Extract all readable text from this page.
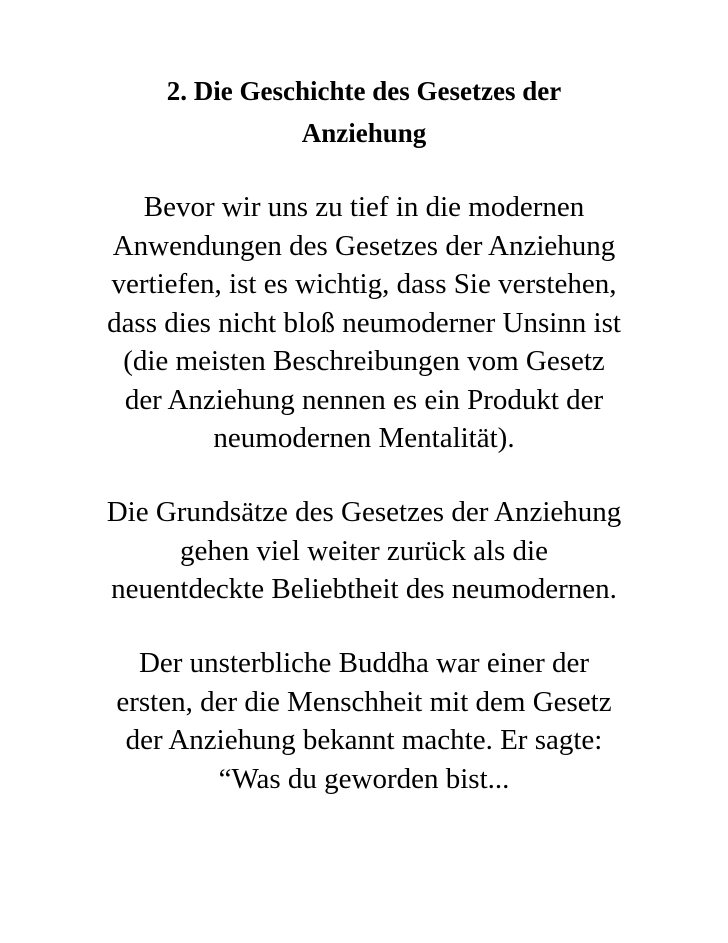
2. Die Geschichte des Gesetzes der
Anziehung

Bevor wir uns zu tief in die modernen
Anwendungen des Gesetzes der Anziehung
vertiefen, ist es wichtig, dass Sie verstehen,
dass dies nicht bloß neumoderner Unsinn ist
(die meisten Beschreibungen vom Gesetz
der Anziehung nennen es ein Produkt der
neumodernen Mentalität).

Die Grundsätze des Gesetzes der Anziehung
gehen viel weiter zurück als die
neuentdeckte Beliebtheit des neumodernen.

Der unsterbliche Buddha war einer der
ersten, der die Menschheit mit dem Gesetz
der Anziehung bekannt machte. Er sagte:
“Was du geworden bist...
